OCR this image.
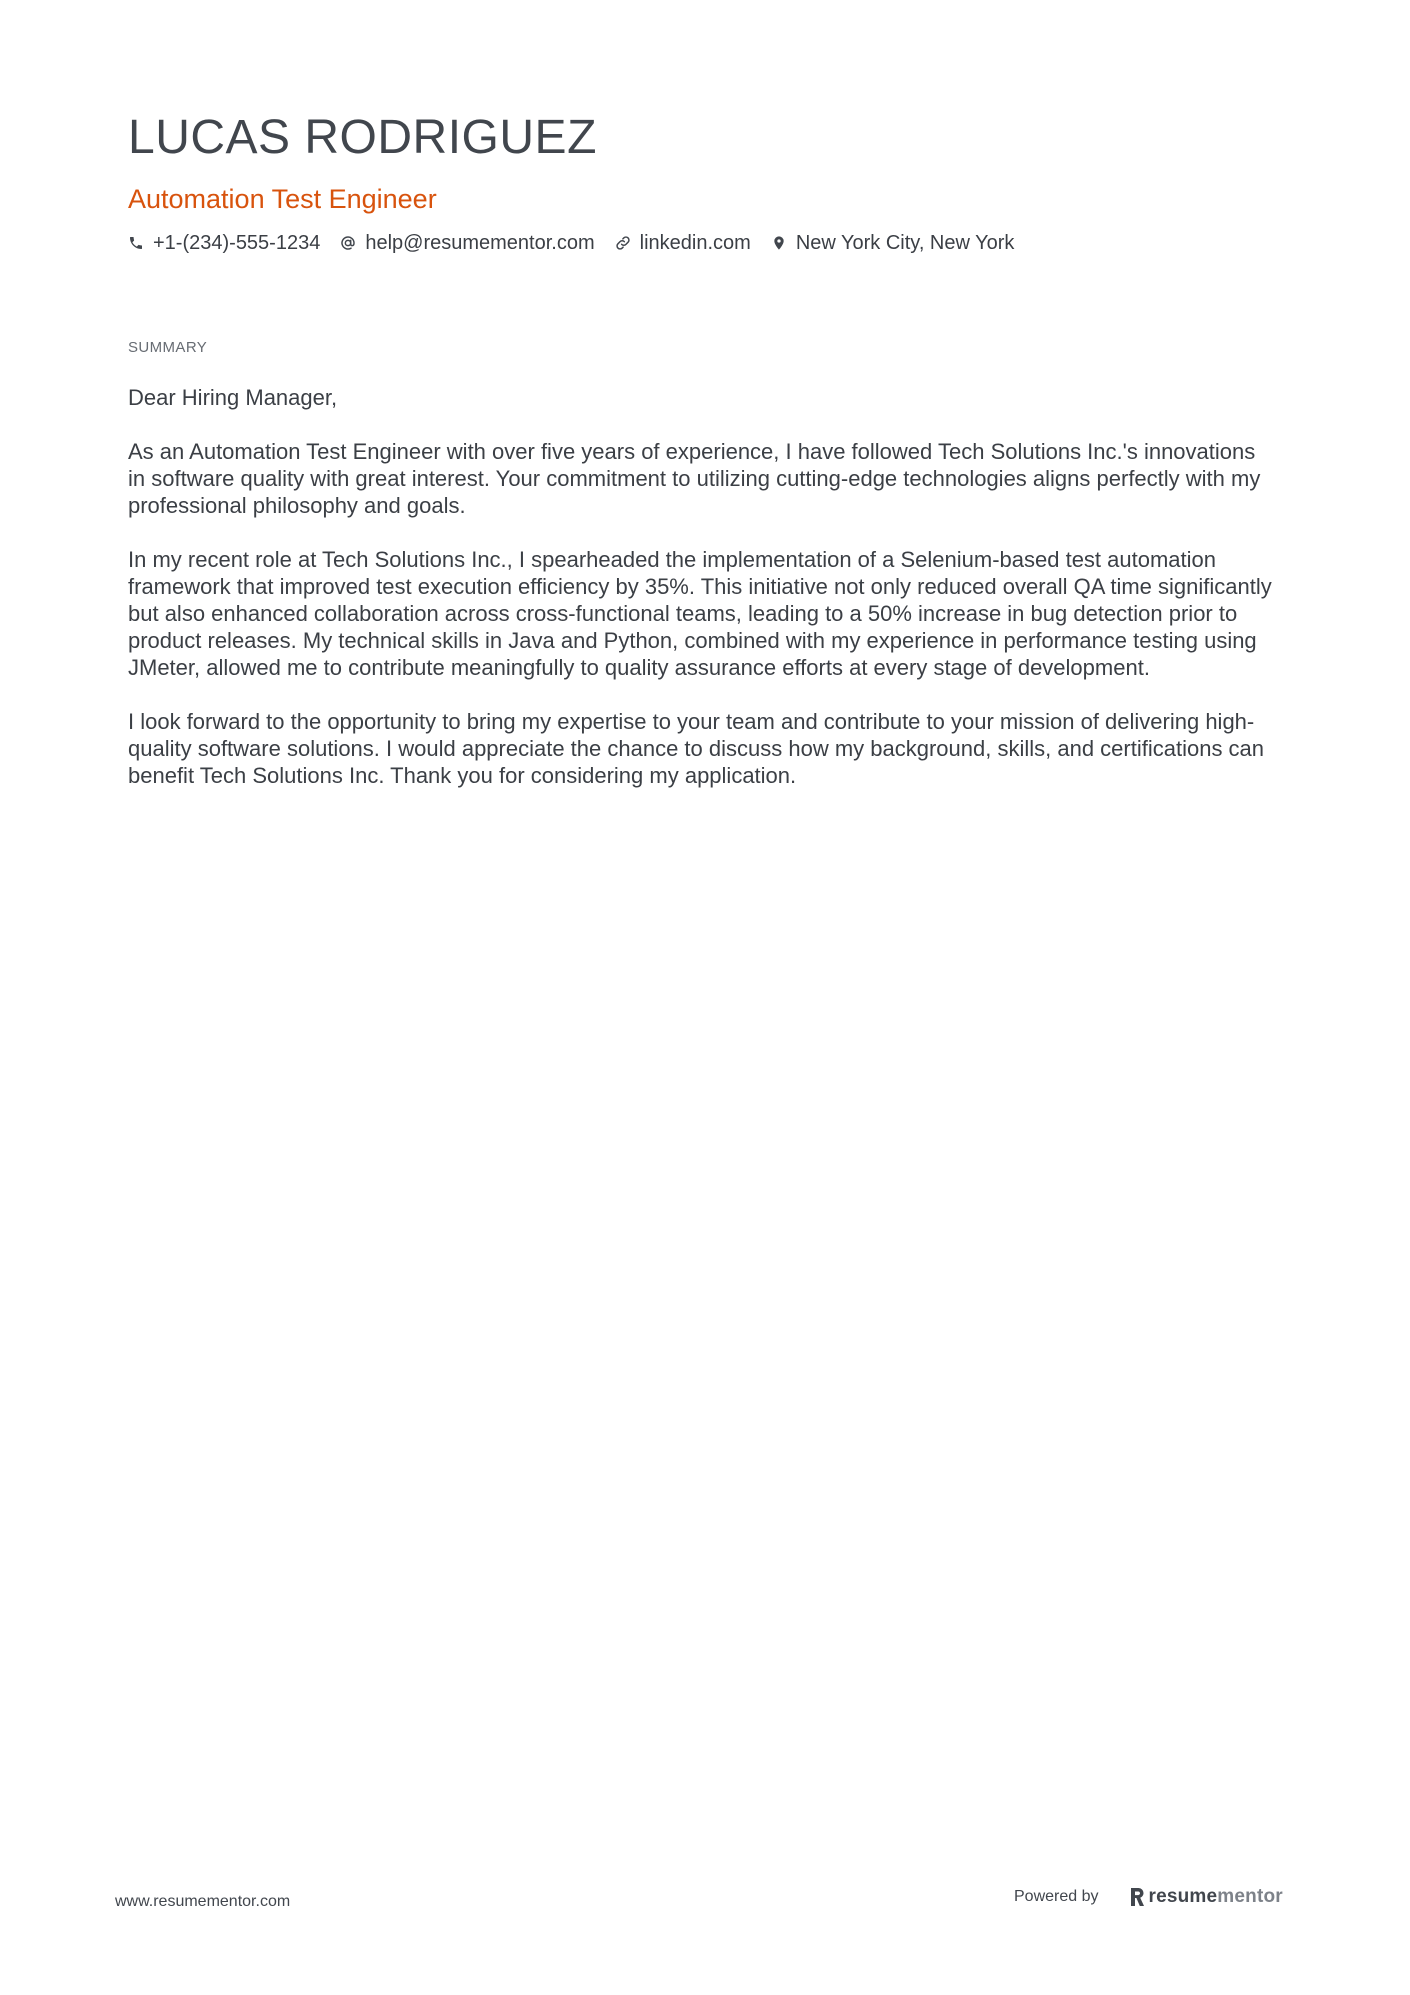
LUCAS RODRIGUEZ
Automation Test Engineer
+1-(234)-555-1234 help@resumementor.com linkedin.com New York City, New York
SUMMARY
Dear Hiring Manager,

As an Automation Test Engineer with over five years of experience, I have followed Tech Solutions Inc.'s innovations in software quality with great interest. Your commitment to utilizing cutting-edge technologies aligns perfectly with my professional philosophy and goals.

In my recent role at Tech Solutions Inc., I spearheaded the implementation of a Selenium-based test automation framework that improved test execution efficiency by 35%. This initiative not only reduced overall QA time significantly but also enhanced collaboration across cross-functional teams, leading to a 50% increase in bug detection prior to product releases. My technical skills in Java and Python, combined with my experience in performance testing using JMeter, allowed me to contribute meaningfully to quality assurance efforts at every stage of development.

I look forward to the opportunity to bring my expertise to your team and contribute to your mission of delivering high-quality software solutions. I would appreciate the chance to discuss how my background, skills, and certifications can benefit Tech Solutions Inc. Thank you for considering my application.

www.resumementor.com	Powered by	resume mentor
